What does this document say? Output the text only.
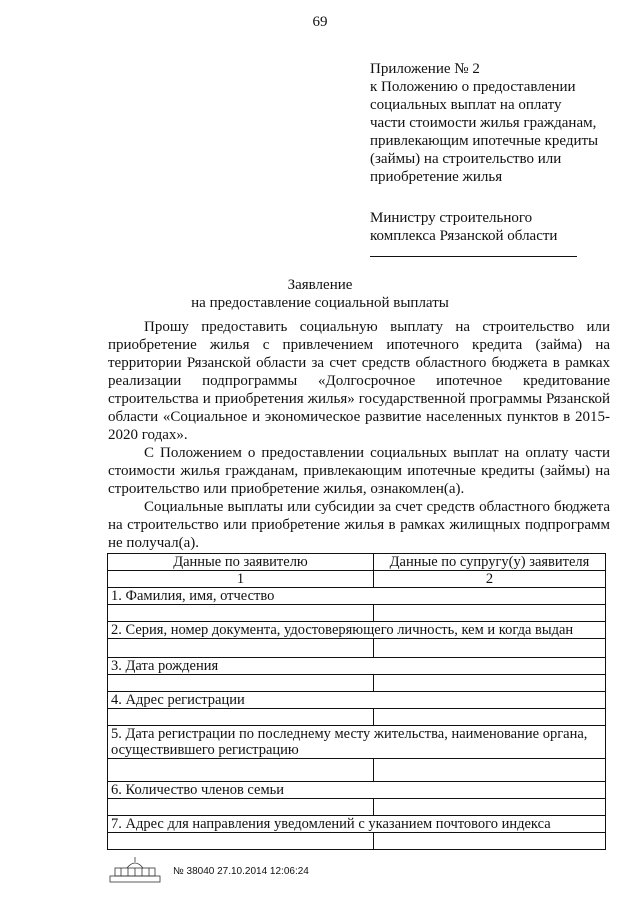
69
Приложение № 2
к Положению о предоставлении
социальных выплат на оплату
части стоимости жилья гражданам,
привлекающим ипотечные кредиты
(займы) на строительство или
приобретение жилья
Министру строительного
комплекса Рязанской области
Заявление
на предоставление социальной выплаты

Прошу предоставить социальную выплату на строительство или приобретение жилья с привлечением ипотечного кредита (займа) на территории Рязанской области за счет средств областного бюджета в рамках реализации подпрограммы «Долгосрочное ипотечное кредитование строительства и приобретения жилья» государственной программы Рязанской области «Социальное и экономическое развитие населенных пунктов в 2015-2020 годах».

С Положением о предоставлении социальных выплат на оплату части стоимости жилья гражданам, привлекающим ипотечные кредиты (займы) на строительство или приобретение жилья, ознакомлен(а).

Социальные выплаты или субсидии за счет средств областного бюджета на строительство или приобретение жилья в рамках жилищных подпрограмм не получал(а).

Данные по заявителю	Данные по супругу(у) заявителя
1	2
1. Фамилия, имя, отчество	

2. Серия, номер документа, удостоверяющего личность, кем и когда выдан	

3. Дата рождения	

4. Адрес регистрации	

5. Дата регистрации по последнему месту жительства, наименование органа, осуществившего регистрацию	

6. Количество членов семьи	

7. Адрес для направления уведомлений с указанием почтового индекса	

№ 38040 27.10.2014 12:06:24
